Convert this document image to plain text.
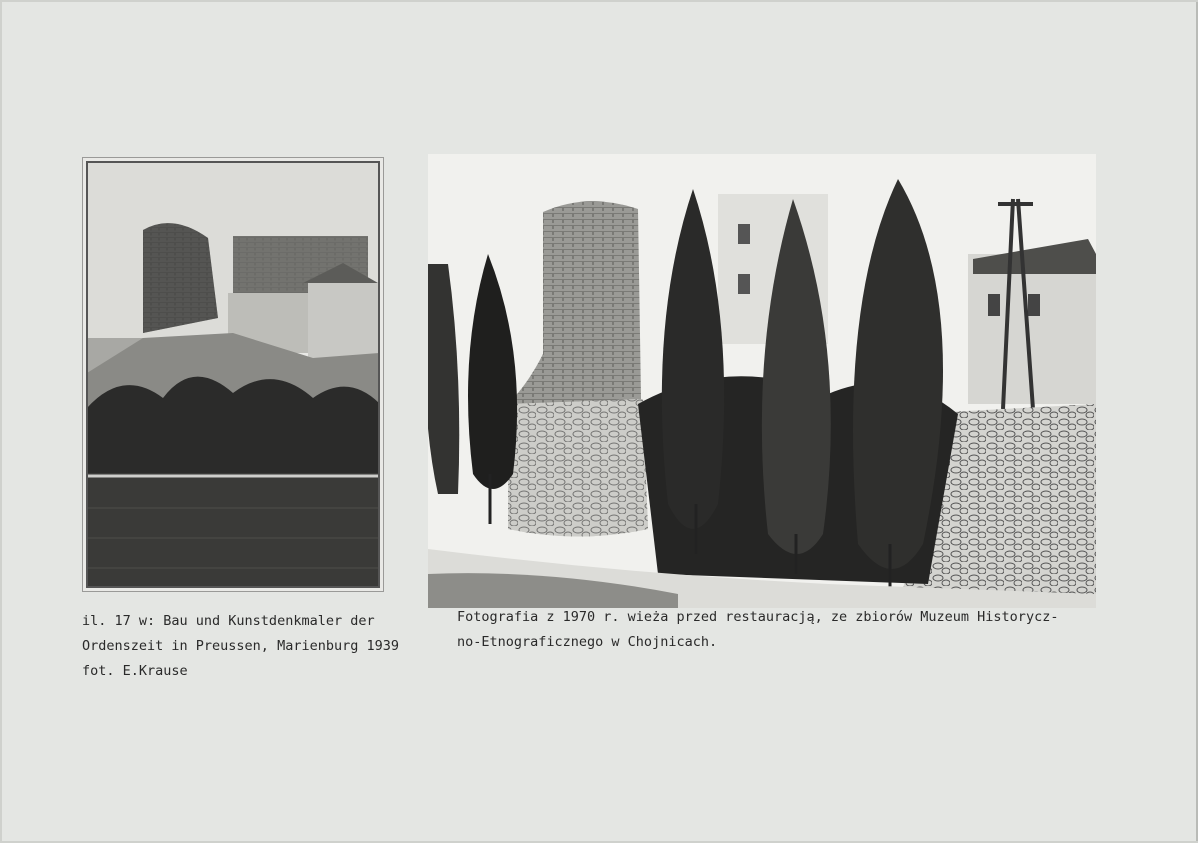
il. 17 w: Bau und Kunstdenkmaler der
Ordenszeit in Preussen, Marienburg 1939
fot. E.Krause
Fotografia z 1970 r. wieża przed restauracją, ze zbiorów Muzeum Historycz-
no-Etnograficznego w Chojnicach.
